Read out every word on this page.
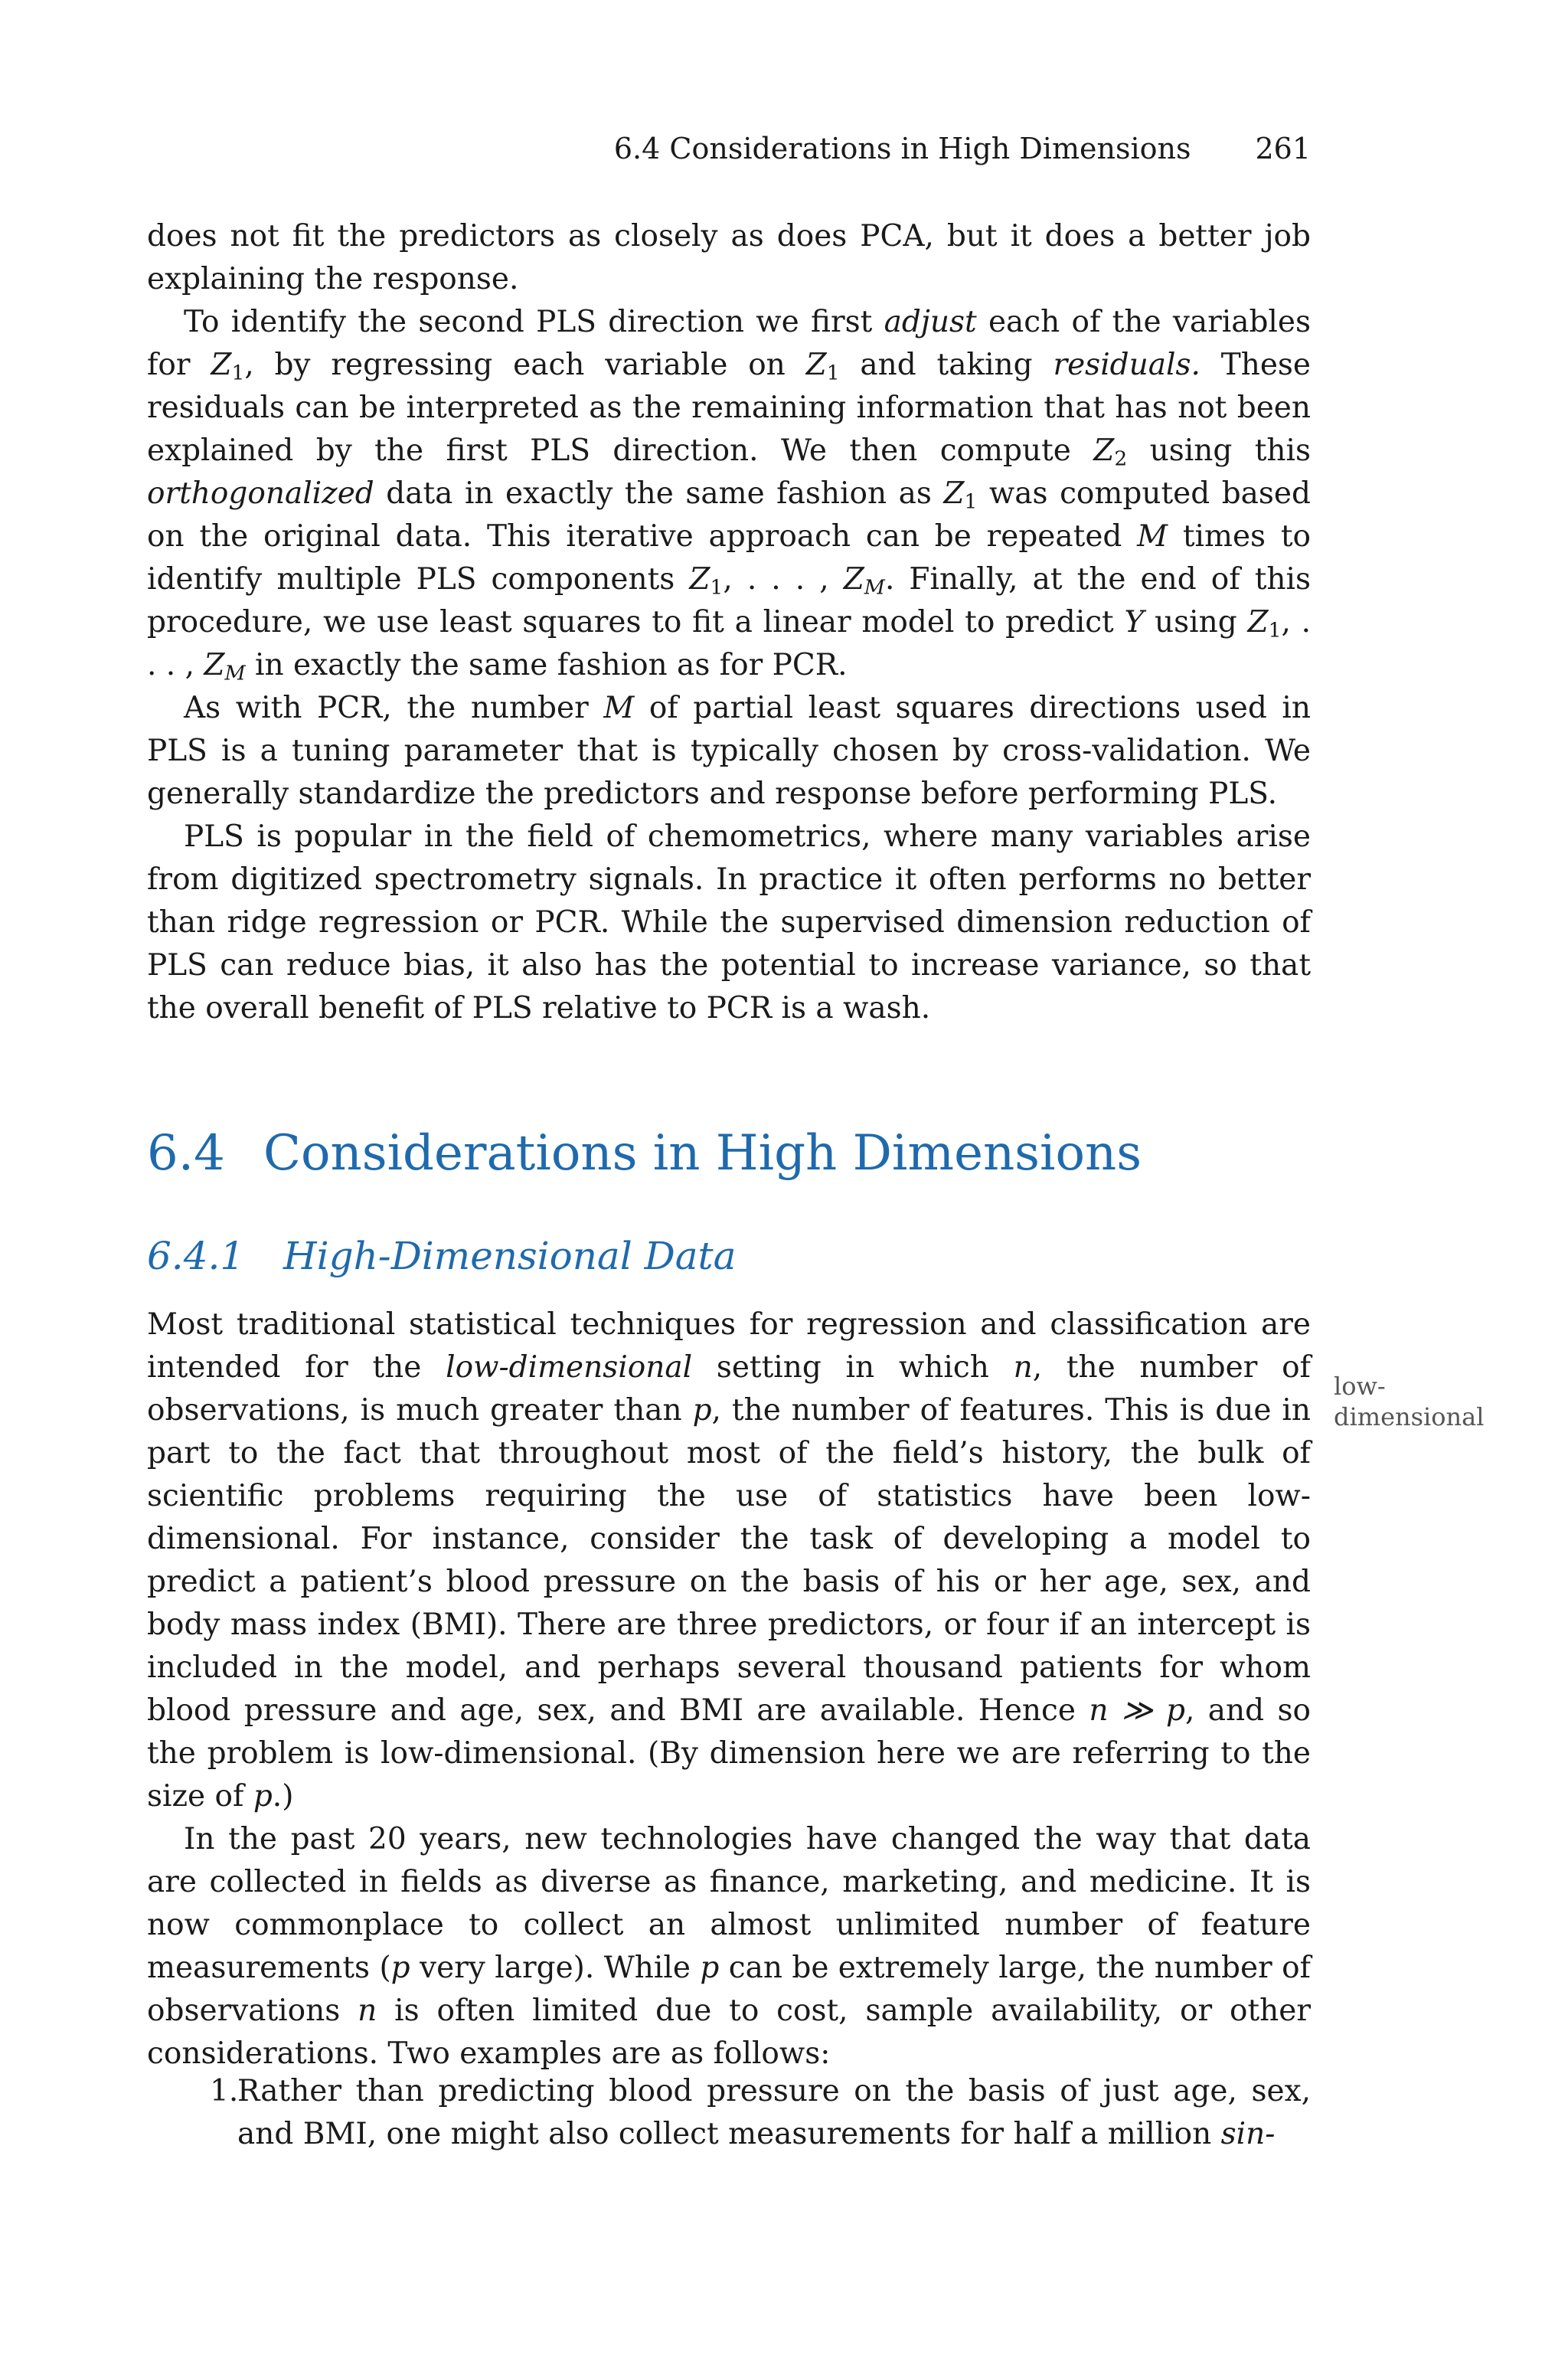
6.4 Considerations in High Dimensions 261

does not fit the predictors as closely as does PCA, but it does a better job explaining the response.

To identify the second PLS direction we first adjust each of the variables for $Z_1$, by regressing each variable on $Z_1$ and taking residuals. These residuals can be interpreted as the remaining information that has not been explained by the first PLS direction. We then compute $Z_2$ using this orthogonalized data in exactly the same fashion as $Z_1$ was computed based on the original data. This iterative approach can be repeated M times to identify multiple PLS components $Z_1$, . . . , $Z_M$. Finally, at the end of this procedure, we use least squares to fit a linear model to predict Y using $Z_1$, . . . , $Z_M$ in exactly the same fashion as for PCR.

As with PCR, the number M of partial least squares directions used in PLS is a tuning parameter that is typically chosen by cross-validation. We generally standardize the predictors and response before performing PLS.

PLS is popular in the field of chemometrics, where many variables arise from digitized spectrometry signals. In practice it often performs no better than ridge regression or PCR. While the supervised dimension reduction of PLS can reduce bias, it also has the potential to increase variance, so that the overall benefit of PLS relative to PCR is a wash.

6.4 Considerations in High Dimensions
6.4.1 High-Dimensional Data

Most traditional statistical techniques for regression and classification are intended for the low-dimensional setting in which n, the number of observations, is much greater than p, the number of features. This is due in part to the fact that throughout most of the field’s history, the bulk of scientific problems requiring the use of statistics have been low-dimensional. For instance, consider the task of developing a model to predict a patient’s blood pressure on the basis of his or her age, sex, and body mass index (BMI). There are three predictors, or four if an intercept is included in the model, and perhaps several thousand patients for whom blood pressure and age, sex, and BMI are available. Hence n ≫ p, and so the problem is low-dimensional. (By dimension here we are referring to the size of p.)

In the past 20 years, new technologies have changed the way that data are collected in fields as diverse as finance, marketing, and medicine. It is now commonplace to collect an almost unlimited number of feature measurements (p very large). While p can be extremely large, the number of observations n is often limited due to cost, sample availability, or other considerations. Two examples are as follows:

low-
dimensional
1.
Rather than predicting blood pressure on the basis of just age, sex, and BMI, one might also collect measurements for half a million sin-
